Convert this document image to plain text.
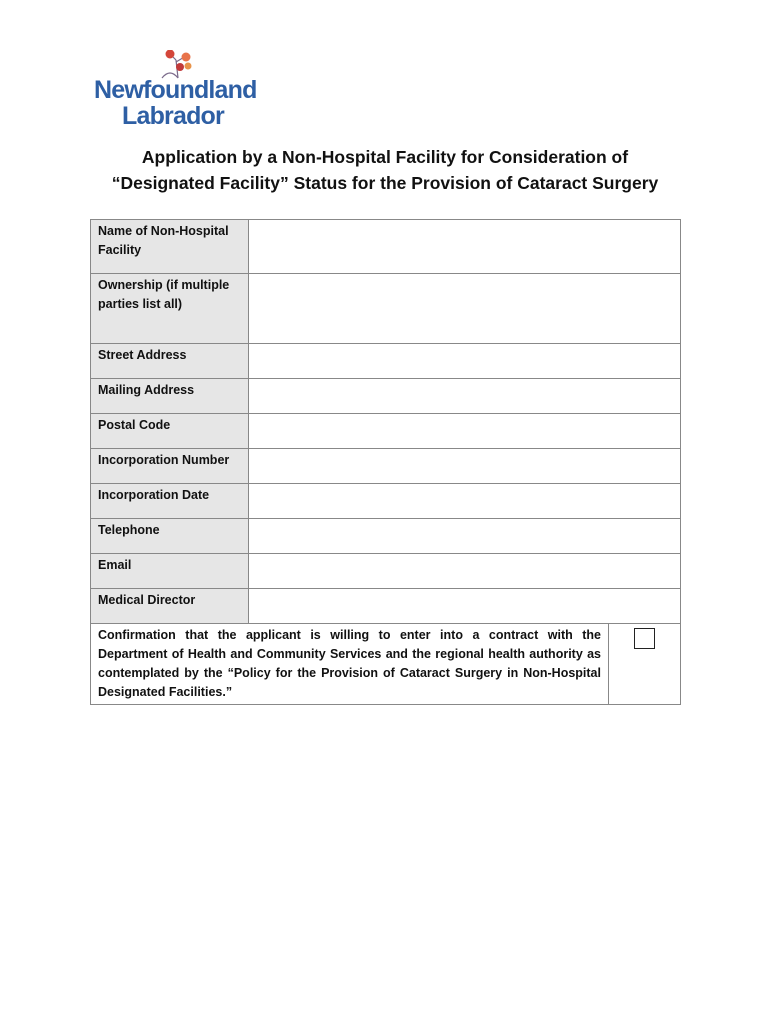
Newfoundland
Labrador
Application by a Non-Hospital Facility for Consideration of
“Designated Facility” Status for the Provision of Cataract Surgery
Name of Non-Hospital Facility		
Ownership (if multiple parties list all)		
Street Address		
Mailing Address		
Postal Code		
Incorporation Number		
Incorporation Date		
Telephone		
Email		
Medical Director		
Confirmation that the applicant is willing to enter into a contract with the Department of Health and Community Services and the regional health authority as contemplated by the “Policy for the Provision of Cataract Surgery in Non-Hospital Designated Facilities.”		
